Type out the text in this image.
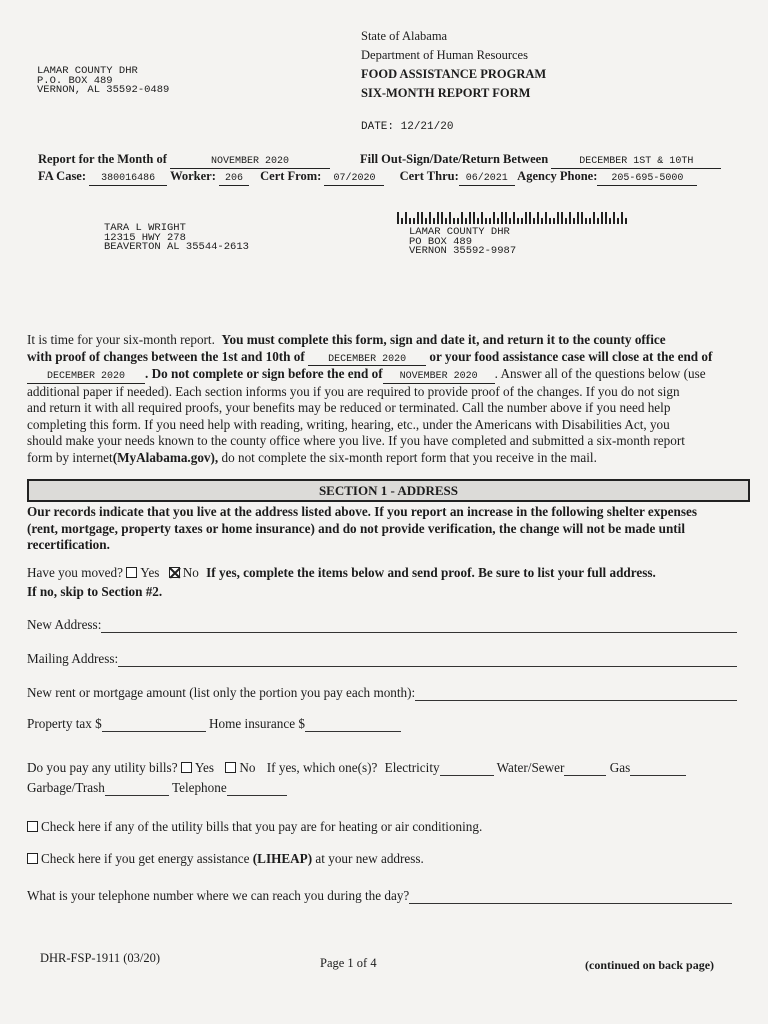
State of Alabama
Department of Human Resources
FOOD ASSISTANCE PROGRAM
SIX-MONTH REPORT FORM
DATE: 12/21/20
LAMAR COUNTY DHR
P.O. BOX 489
VERNON, AL 35592-0489
Report for the Month of	NOVEMBER 2020	Fill Out-Sign/Date/Return Between	DECEMBER 1ST & 10TH
FA Case: 380016486 Worker: 206 Cert From: 07/2020 Cert Thru: 06/2021 Agency Phone: 205-695-5000
TARA L WRIGHT
12315 HWY 278
BEAVERTON AL 35544-2613
LAMAR COUNTY DHR
PO BOX 489
VERNON 35592-9987
It is time for your six-month report. You must complete this form, sign and date it, and return it to the county office
with proof of changes between the 1st and 10th of DECEMBER 2020 or your food assistance case will close at the end of
DECEMBER 2020 . Do not complete or sign before the end of NOVEMBER 2020 . Answer all of the questions below (use
additional paper if needed). Each section informs you if you are required to provide proof of the changes. If you do not sign
and return it with all required proofs, your benefits may be reduced or terminated. Call the number above if you need help
completing this form. If you need help with reading, writing, hearing, etc., under the Americans with Disabilities Act, you
should make your needs known to the county office where you live. If you have completed and submitted a six-month report
form by internet(MyAlabama.gov), do not complete the six-month report form that you receive in the mail.
SECTION 1 - ADDRESS
Our records indicate that you live at the address listed above. If you report an increase in the following shelter expenses
(rent, mortgage, property taxes or home insurance) and do not provide verification, the change will not be made until
recertification.
Have you moved? Yes No If yes, complete the items below and send proof. Be sure to list your full address.
If no, skip to Section #2.
New Address:
Mailing Address:
New rent or mortgage amount (list only the portion you pay each month):
Property tax $	Home insurance $
Do you pay any utility bills? Yes No If yes, which one(s)? Electricity	Water/Sewer	Gas
Garbage/Trash	Telephone
Check here if any of the utility bills that you pay are for heating or air conditioning.
Check here if you get energy assistance (LIHEAP) at your new address.
What is your telephone number where we can reach you during the day?
DHR-FSP-1911 (03/20)	Page 1 of 4	(continued on back page)
